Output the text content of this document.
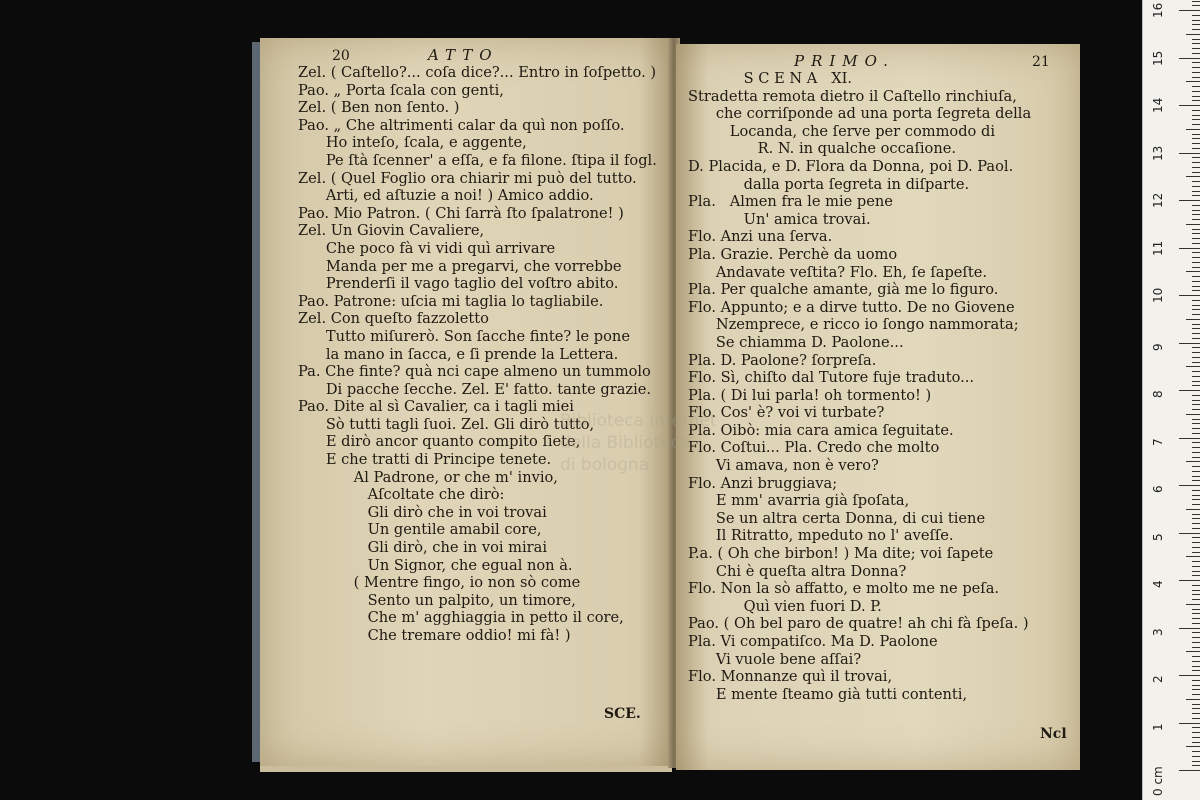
20	ATTO
Zel. ( Caſtello?... coſa dice?... Entro in ſoſpetto. )
Pao. „ Porta ſcala con genti,
Zel. ( Ben non ſento. )
Pao. „ Che altrimenti calar da quì non poſſo.
Ho inteſo, ſcala, e aggente,
Pe ſtà ſcenner' a eſſa, e fa filone. ſtipa il fogl.
Zel. ( Quel Foglio ora chiarir mi può del tutto.
Arti, ed aſtuzie a noi! ) Amico addio.
Pao. Mio Patron. ( Chi ſarrà ſto ſpalatrone! )
Zel. Un Giovin Cavaliere,
Che poco fà vi vidi quì arrivare
Manda per me a pregarvi, che vorrebbe
Prenderſi il vago taglio del voſtro abito.
Pao. Patrone: uſcia mi taglia lo tagliabile.
Zel. Con queſto fazzoletto
Tutto miſurerò. Son ſacche finte? le pone
la mano in ſacca, e ſi prende la Lettera.
Pa. Che finte? quà nci cape almeno un tummolo
Di pacche ſecche. Zel. E' fatto. tante grazie.
Pao. Dite al sì Cavalier, ca i tagli miei
Sò tutti tagli ſuoi. Zel. Gli dirò tutto,
E dirò ancor quanto compito ſiete,
E che tratti di Principe tenete.
Al Padrone, or che m' invio,
Aſcoltate che dirò:
Gli dirò che in voi trovai
Un gentile amabil core,
Gli dirò, che in voi mirai
Un Signor, che egual non à.
( Mentre fingo, io non sò come
Sento un palpito, un timore,
Che m' agghiaggia in petto il core,
Che tremare oddio! mi fà! )
SCE.
PRIMO.	21
S C E N A   XI.
Stradetta remota dietro il Caſtello rinchiuſa,
che corriſponde ad una porta ſegreta della
Locanda, che ſerve per commodo di
R. N. in qualche occaſione.
D. Placida, e D. Flora da Donna, poi D. Paol.
dalla porta ſegreta in diſparte.
Pla.   Almen fra le mie pene
Un' amica trovai.
Flo. Anzi una ſerva.
Pla. Grazie. Perchè da uomo
Andavate veſtita? Flo. Eh, ſe ſapeſte.
Pla. Per qualche amante, già me lo figuro.
Flo. Appunto; e a dirve tutto. De no Giovene
Nzemprece, e ricco io ſongo nammorata;
Se chiamma D. Paolone...
Pla. D. Paolone? ſorpreſa.
Flo. Sì, chiſto dal Tutore fuje traduto...
Pla. ( Di lui parla! oh tormento! )
Flo. Cos' è? voi vi turbate?
Pla. Oibò: mia cara amica ſeguitate.
Flo. Coſtui... Pla. Credo che molto
Vi amava, non è vero?
Flo. Anzi bruggiava;
E mm' avarria già ſpoſata,
Se un altra certa Donna, di cui tiene
Il Ritratto, mpeduto no l' aveſſe.
P.a. ( Oh che birbon! ) Ma dite; voi ſapete
Chi è queſta altra Donna?
Flo. Non la sò affatto, e molto me ne peſa.
Quì vien fuori D. P.
Pao. ( Oh bel paro de quatre! ah chi fà ſpeſa. )
Pla. Vi compatiſco. Ma D. Paolone
Vi vuole bene aſſai?
Flo. Monnanze quì il trovai,
E mente ſteamo già tutti contenti,
Ncl
Biblioteca internet
della Biblioteca
di bologna
0 cm
1
2
3
4
5
6
7
8
9
10
11
12
13
14
15
16
